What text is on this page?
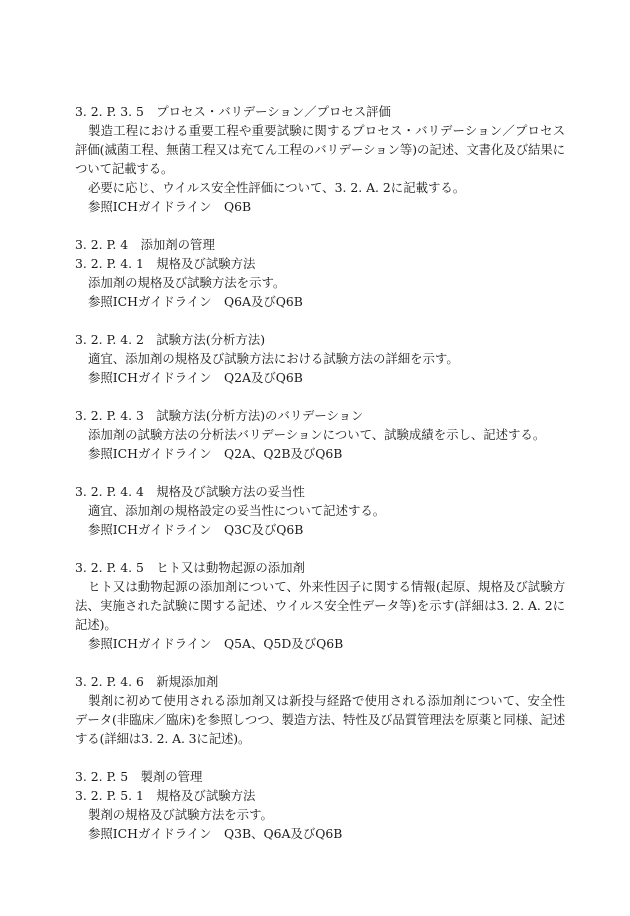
3. 2. P. 3. 5　プロセス・バリデーション／プロセス評価
製造工程における重要工程や重要試験に関するプロセス・バリデーション／プロセス評価(滅菌工程、無菌工程又は充てん工程のバリデーション等)の記述、文書化及び結果について記載する。
必要に応じ、ウイルス安全性評価について、3. 2. A. 2に記載する。
参照ICHガイドライン　Q6B
3. 2. P. 4　添加剤の管理
3. 2. P. 4. 1　規格及び試験方法
添加剤の規格及び試験方法を示す。
参照ICHガイドライン　Q6A及びQ6B
3. 2. P. 4. 2　試験方法(分析方法)
適宜、添加剤の規格及び試験方法における試験方法の詳細を示す。
参照ICHガイドライン　Q2A及びQ6B
3. 2. P. 4. 3　試験方法(分析方法)のバリデーション
添加剤の試験方法の分析法バリデーションについて、試験成績を示し、記述する。
参照ICHガイドライン　Q2A、Q2B及びQ6B
3. 2. P. 4. 4　規格及び試験方法の妥当性
適宜、添加剤の規格設定の妥当性について記述する。
参照ICHガイドライン　Q3C及びQ6B
3. 2. P. 4. 5　ヒト又は動物起源の添加剤
ヒト又は動物起源の添加剤について、外来性因子に関する情報(起原、規格及び試験方法、実施された試験に関する記述、ウイルス安全性データ等)を示す(詳細は3. 2. A. 2に記述)。
参照ICHガイドライン　Q5A、Q5D及びQ6B
3. 2. P. 4. 6　新規添加剤
製剤に初めて使用される添加剤又は新投与経路で使用される添加剤について、安全性データ(非臨床／臨床)を参照しつつ、製造方法、特性及び品質管理法を原薬と同様、記述する(詳細は3. 2. A. 3に記述)。
3. 2. P. 5　製剤の管理
3. 2. P. 5. 1　規格及び試験方法
製剤の規格及び試験方法を示す。
参照ICHガイドライン　Q3B、Q6A及びQ6B
